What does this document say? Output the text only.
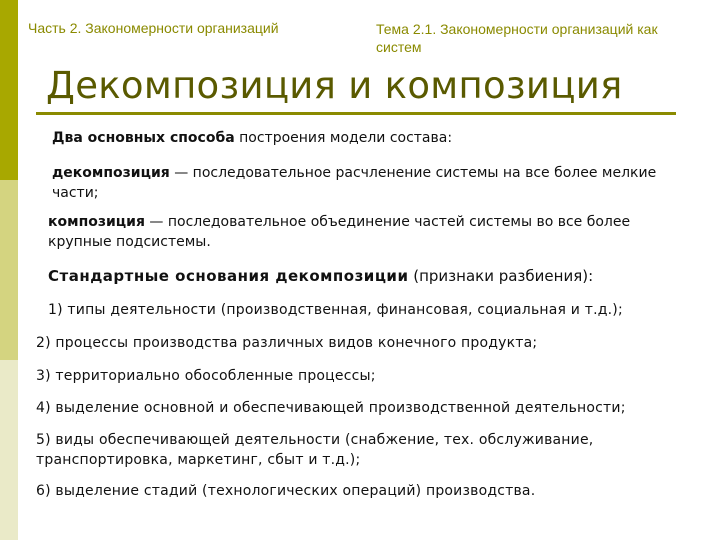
Часть 2. Закономерности организаций	Тема 2.1. Закономерности организаций как систем
Декомпозиция и композиция
Два основных способа построения модели состава:
декомпозиция — последовательное расчленение системы на все более мелкие части;
композиция — последовательное объединение частей системы во все более крупные подсистемы.
Стандартные основания декомпозиции (признаки разбиения):
1) типы деятельности (производственная, финансовая, социальная и т.д.);
2) процессы производства различных видов конечного продукта;
3) территориально обособленные процессы;
4) выделение основной и обеспечивающей производственной деятельности;
5) виды обеспечивающей деятельности (снабжение, тех. обслуживание, транспортировка, маркетинг, сбыт и т.д.);
6) выделение стадий (технологических операций) производства.
